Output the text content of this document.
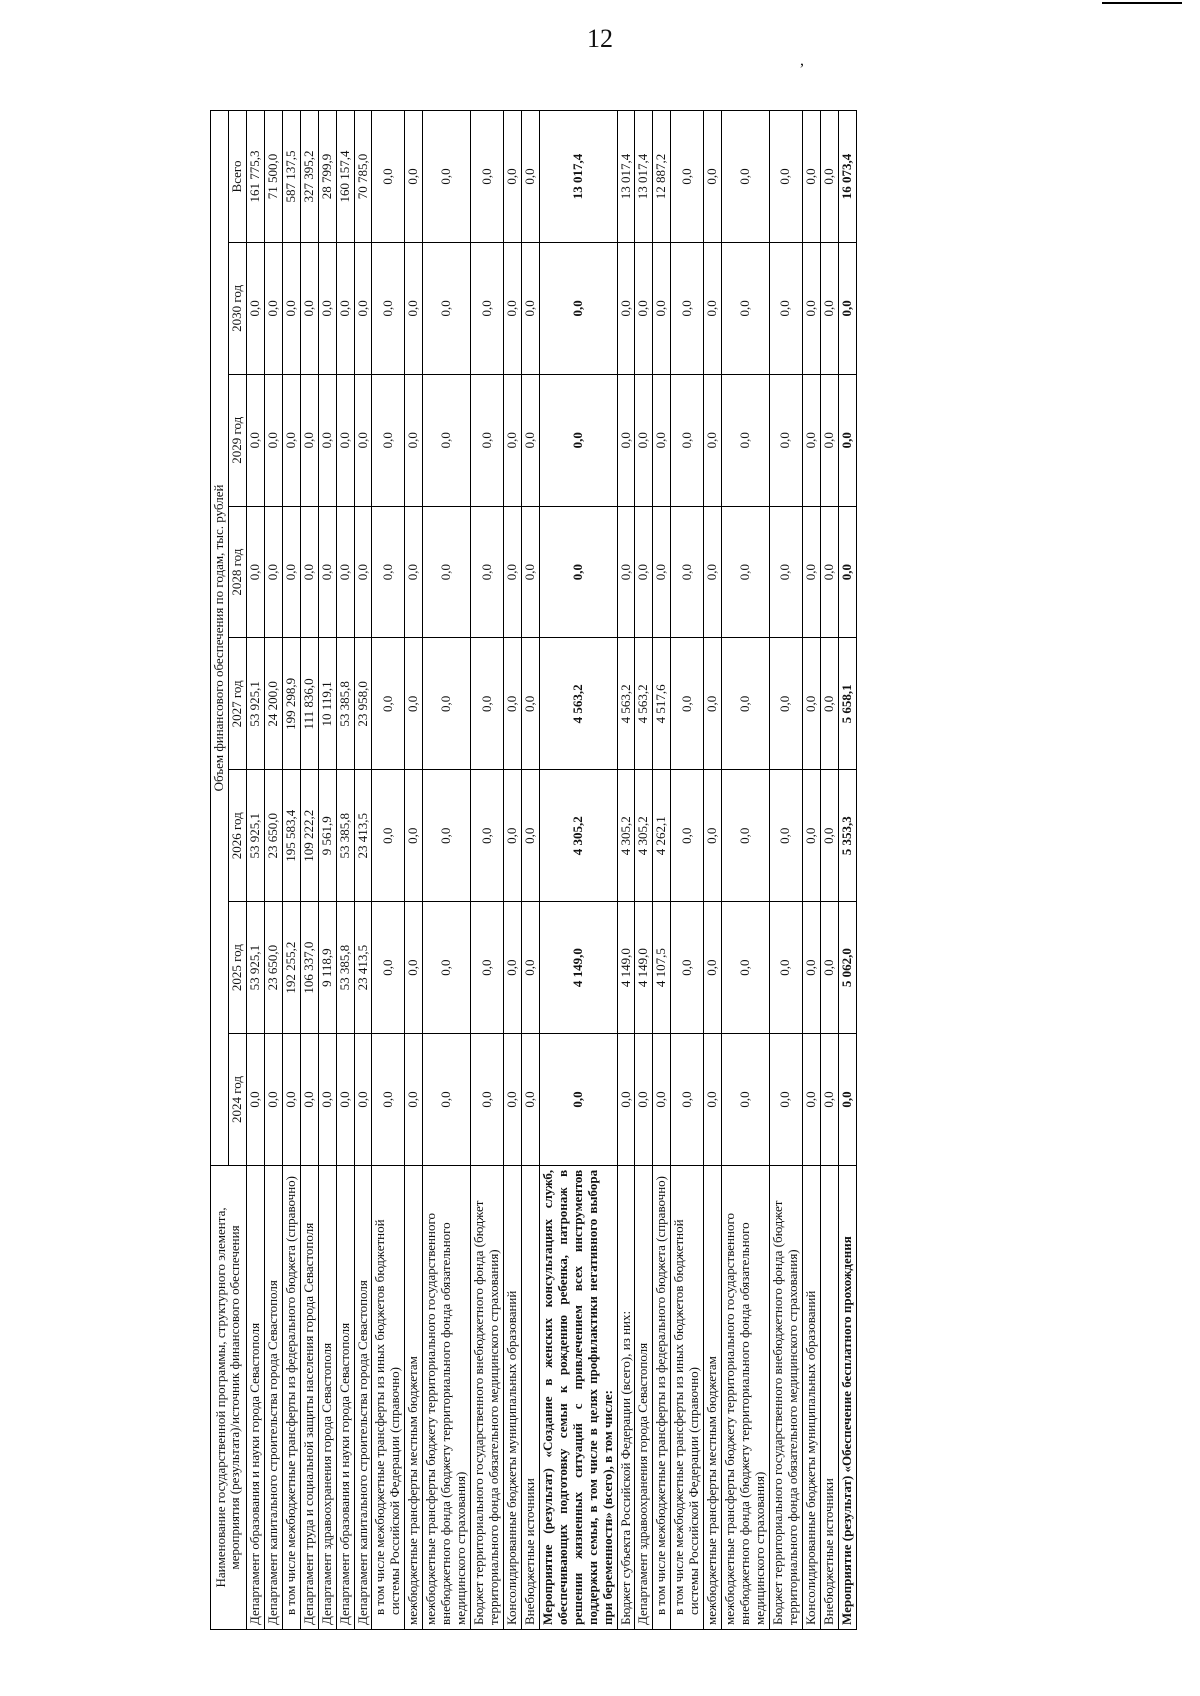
12
,
Наименование государственной программы, структурного элемента, мероприятия (результата)/источник финансового обеспечения	Объем финансового обеспечения по годам, тыс. рублей							
	2024 год	2025 год	2026 год	2027 год	2028 год	2029 год	2030 год	Всего
Департамент образования и науки города Севастополя	0,0	53 925,1	53 925,1	53 925,1	0,0	0,0	0,0	161 775,3
Департамент капитального строительства города Севастополя	0,0	23 650,0	23 650,0	24 200,0	0,0	0,0	0,0	71 500,0
в том числе межбюджетные трансферты из федерального бюджета (справочно)	0,0	192 255,2	195 583,4	199 298,9	0,0	0,0	0,0	587 137,5
Департамент труда и социальной защиты населения города Севастополя	0,0	106 337,0	109 222,2	111 836,0	0,0	0,0	0,0	327 395,2
Департамент здравоохранения города Севастополя	0,0	9 118,9	9 561,9	10 119,1	0,0	0,0	0,0	28 799,9
Департамент образования и науки города Севастополя	0,0	53 385,8	53 385,8	53 385,8	0,0	0,0	0,0	160 157,4
Департамент капитального строительства города Севастополя	0,0	23 413,5	23 413,5	23 958,0	0,0	0,0	0,0	70 785,0
в том числе межбюджетные трансферты из иных бюджетов бюджетной системы Российской Федерации (справочно)	0,0	0,0	0,0	0,0	0,0	0,0	0,0	0,0
межбюджетные трансферты местным бюджетам	0,0	0,0	0,0	0,0	0,0	0,0	0,0	0,0
межбюджетные трансферты бюджету территориального государственного внебюджетного фонда (бюджету территориального фонда обязательного медицинского страхования)	0,0	0,0	0,0	0,0	0,0	0,0	0,0	0,0
Бюджет территориального государственного внебюджетного фонда (бюджет территориального фонда обязательного медицинского страхования)	0,0	0,0	0,0	0,0	0,0	0,0	0,0	0,0
Консолидированные бюджеты муниципальных образований	0,0	0,0	0,0	0,0	0,0	0,0	0,0	0,0
Внебюджетные источники	0,0	0,0	0,0	0,0	0,0	0,0	0,0	0,0
Мероприятие (результат) «Создание в женских консультациях служб, обеспечивающих подготовку семьи к рождению ребенка, патронаж в решении жизненных ситуаций с привлечением всех инструментов поддержки семьи, в том числе в целях профилактики негативного выбора при беременности» (всего), в том числе:	0,0	4 149,0	4 305,2	4 563,2	0,0	0,0	0,0	13 017,4
Бюджет субъекта Российской Федерации (всего), из них:	0,0	4 149,0	4 305,2	4 563,2	0,0	0,0	0,0	13 017,4
Департамент здравоохранения города Севастополя	0,0	4 149,0	4 305,2	4 563,2	0,0	0,0	0,0	13 017,4
в том числе межбюджетные трансферты из федерального бюджета (справочно)	0,0	4 107,5	4 262,1	4 517,6	0,0	0,0	0,0	12 887,2
в том числе межбюджетные трансферты из иных бюджетов бюджетной системы Российской Федерации (справочно)	0,0	0,0	0,0	0,0	0,0	0,0	0,0	0,0
межбюджетные трансферты местным бюджетам	0,0	0,0	0,0	0,0	0,0	0,0	0,0	0,0
межбюджетные трансферты бюджету территориального государственного внебюджетного фонда (бюджету территориального фонда обязательного медицинского страхования)	0,0	0,0	0,0	0,0	0,0	0,0	0,0	0,0
Бюджет территориального государственного внебюджетного фонда (бюджет территориального фонда обязательного медицинского страхования)	0,0	0,0	0,0	0,0	0,0	0,0	0,0	0,0
Консолидированные бюджеты муниципальных образований	0,0	0,0	0,0	0,0	0,0	0,0	0,0	0,0
Внебюджетные источники	0,0	0,0	0,0	0,0	0,0	0,0	0,0	0,0
Мероприятие (результат) «Обеспечение бесплатного прохождения	0,0	5 062,0	5 353,3	5 658,1	0,0	0,0	0,0	16 073,4
